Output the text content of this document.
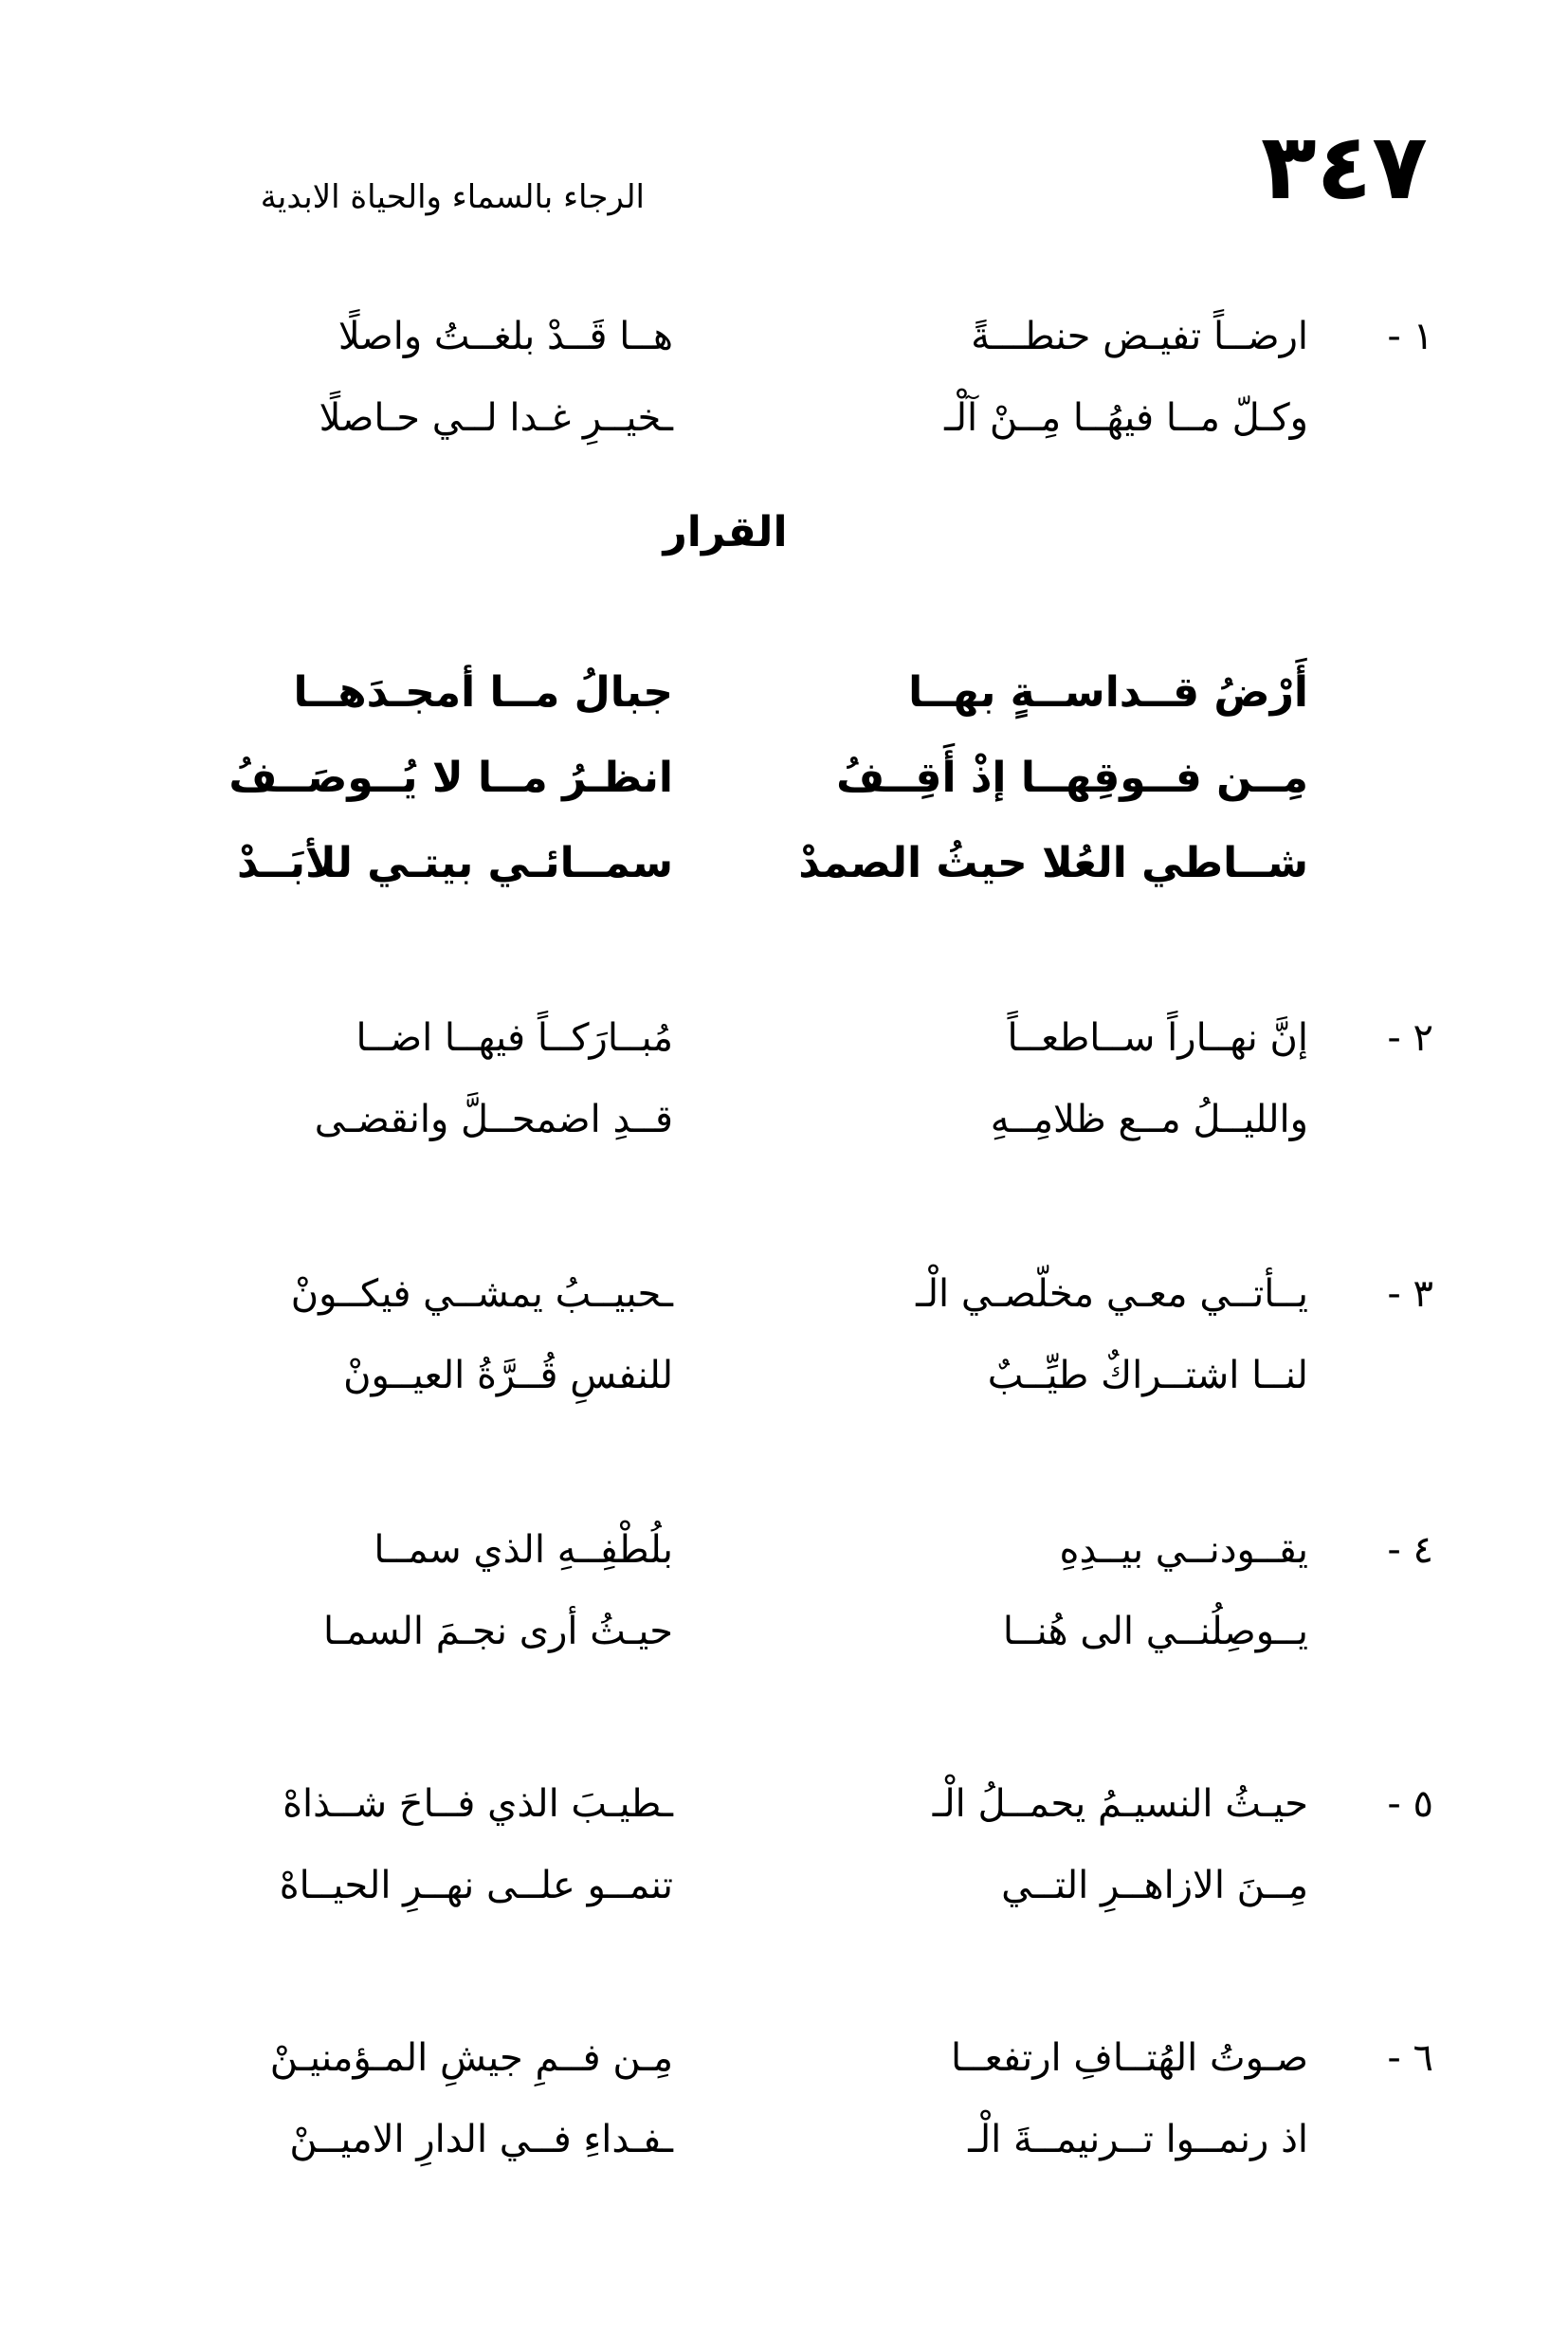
٣٤٧
الرجاء بالسماء والحياة الابدية
١ -
ارضــاً تفيـض حنطـــةً
هــا قَــدْ بلغــتُ واصلًا
وكـلّ مــا فيهُــا مِــنْ آلْـ
ـخيــرِ غـدا لــي حـاصلًا
القرار
أَرْضُ قــداســةٍ بهــا
جبالُ مــا أمجـدَهــا
مِــن فــوقِهــا إذْ أَقِــفُ
انظـرُ مــا لا يُــوصَــفُ
شــاطي العُلا حيثُ الصمدْ
سمــائـي بيتـي للأبَــدْ
٢ -
إنَّ نهــاراً ســاطعــاً
مُبــارَكــاً فيهــا اضــا
والليــلُ مــع ظلامِــهِ
قــدِ اضمحــلَّ وانقضـى
٣ -
يــأتــي معـي مخلّصـي الْـ
ـحبيــبُ يمشــي فيكــونْ
لنــا اشتــراكٌ طيِّــبٌ
للنفسِ قُــرَّةُ العيــونْ
٤ -
يقــودنــي بيــدِهِ
بلُطْفِــهِ الذي سمــا
يــوصِلُنــي الى هُنــا
حيـثُ أرى نجـمَ السمـا
٥ -
حيـثُ النسيـمُ يحمــلُ الْـ
ـطيـبَ الذي فــاحَ شــذاهْ
مِــنَ الازاهــرِ التــي
تنمــو علــى نهــرِ الحيــاهْ
٦ -
صـوتُ الهُتــافِ ارتفعــا
مِـن فــمِ جيشِ المـؤمنيـنْ
اذ رنمــوا تــرنيمــةَ الْـ
ـفـداءِ فــي الدارِ الاميــنْ
